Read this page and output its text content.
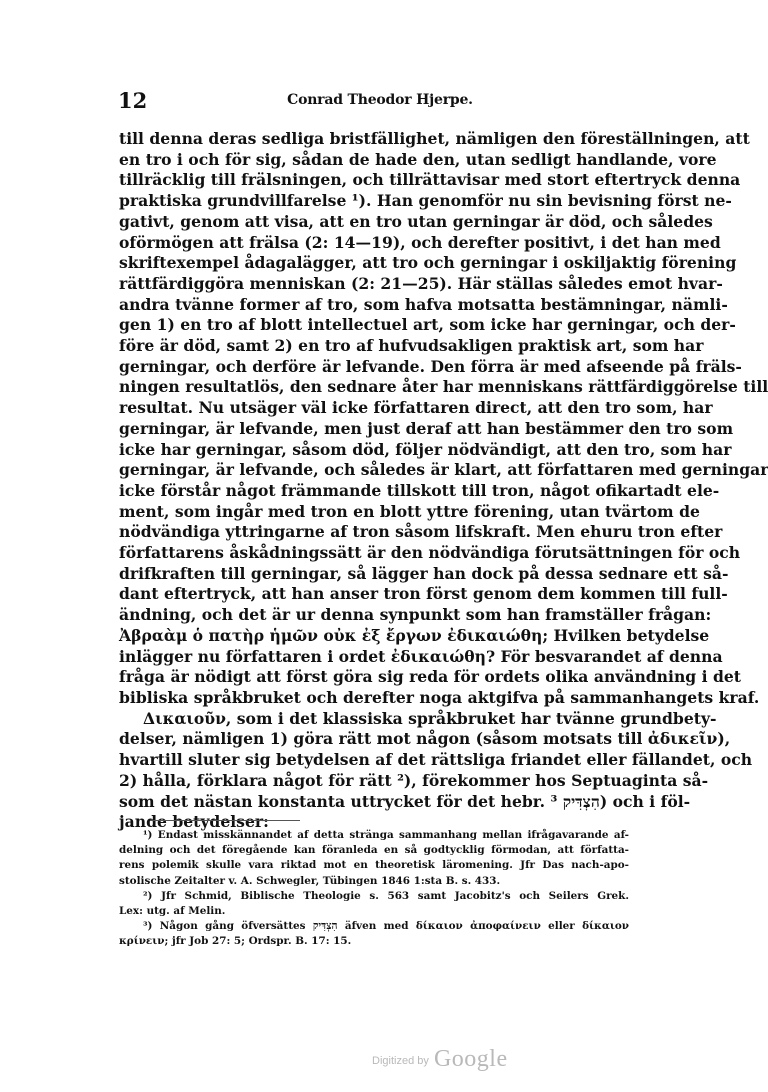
12	Conrad Theodor Hjerpe.
till denna deras sedliga bristfällighet, nämligen den föreställningen, att
en tro i och för sig, sådan de hade den, utan sedligt handlande, vore
tillräcklig till frälsningen, och tillrättavisar med stort eftertryck denna
praktiska grundvillfarelse ¹). Han genomför nu sin bevisning först ne-
gativt, genom att visa, att en tro utan gerningar är död, och således
oförmögen att frälsa (2: 14—19), och derefter positivt, i det han med
skriftexempel ådagalägger, att tro och gerningar i oskiljaktig förening
rättfärdiggöra menniskan (2: 21—25). Här ställas således emot hvar-
andra tvänne former af tro, som hafva motsatta bestämningar, nämli-
gen 1) en tro af blott intellectuel art, som icke har gerningar, och der-
före är död, samt 2) en tro af hufvudsakligen praktisk art, som har
gerningar, och derföre är lefvande. Den förra är med afseende på fräls-
ningen resultatlös, den sednare åter har menniskans rättfärdiggörelse till
resultat. Nu utsäger väl icke författaren direct, att den tro som, har
gerningar, är lefvande, men just deraf att han bestämmer den tro som
icke har gerningar, såsom död, följer nödvändigt, att den tro, som har
gerningar, är lefvande, och således är klart, att författaren med gerningar
icke förstår något främmande tillskott till tron, något ofikartadt ele-
ment, som ingår med tron en blott yttre förening, utan tvärtom de
nödvändiga yttringarne af tron såsom lifskraft. Men ehuru tron efter
författarens åskådningssätt är den nödvändiga förutsättningen för och
drifkraften till gerningar, så lägger han dock på dessa sednare ett så-
dant eftertryck, att han anser tron först genom dem kommen till full-
ändning, och det är ur denna synpunkt som han framställer frågan:
Ἀβραὰμ ὁ πατὴρ ἡμῶν οὐκ ἐξ ἔργων ἐδικαιώθη; Hvilken betydelse
inlägger nu författaren i ordet ἐδικαιώθη? För besvarandet af denna
fråga är nödigt att först göra sig reda för ordets olika användning i det
bibliska språkbruket och derefter noga aktgifva på sammanhangets kraf.
Δικαιοῦν, som i det klassiska språkbruket har tvänne grundbety-
delser, nämligen 1) göra rätt mot någon (såsom motsats till ἀδικεῖν),
hvartill sluter sig betydelsen af det rättsliga friandet eller fällandet, och
2) hålla, förklara något för rätt ²), förekommer hos Septuaginta så-
som det nästan konstanta uttrycket för det hebr. הִצְדִּיק ³) och i föl-
jande betydelser:
¹) Endast misskännandet af detta stränga sammanhang mellan ifrågavarande af-
delning och det föregående kan föranleda en så godtycklig förmodan, att författa-
rens polemik skulle vara riktad mot en theoretisk läromening. Jfr Das nach-apo-
stolische Zeitalter v. A. Schwegler, Tübingen 1846 1:sta B. s. 433.
²) Jfr Schmid, Biblische Theologie s. 563 samt Jacobitz's och Seilers Grek.
Lex: utg. af Melin.
³) Någon gång öfversättes הִצְדִּיק äfven med δίκαιον ἀποφαίνειν eller δίκαιον
κρίνειν; jfr Job 27: 5; Ordspr. B. 17: 15.
Digitized by Google
